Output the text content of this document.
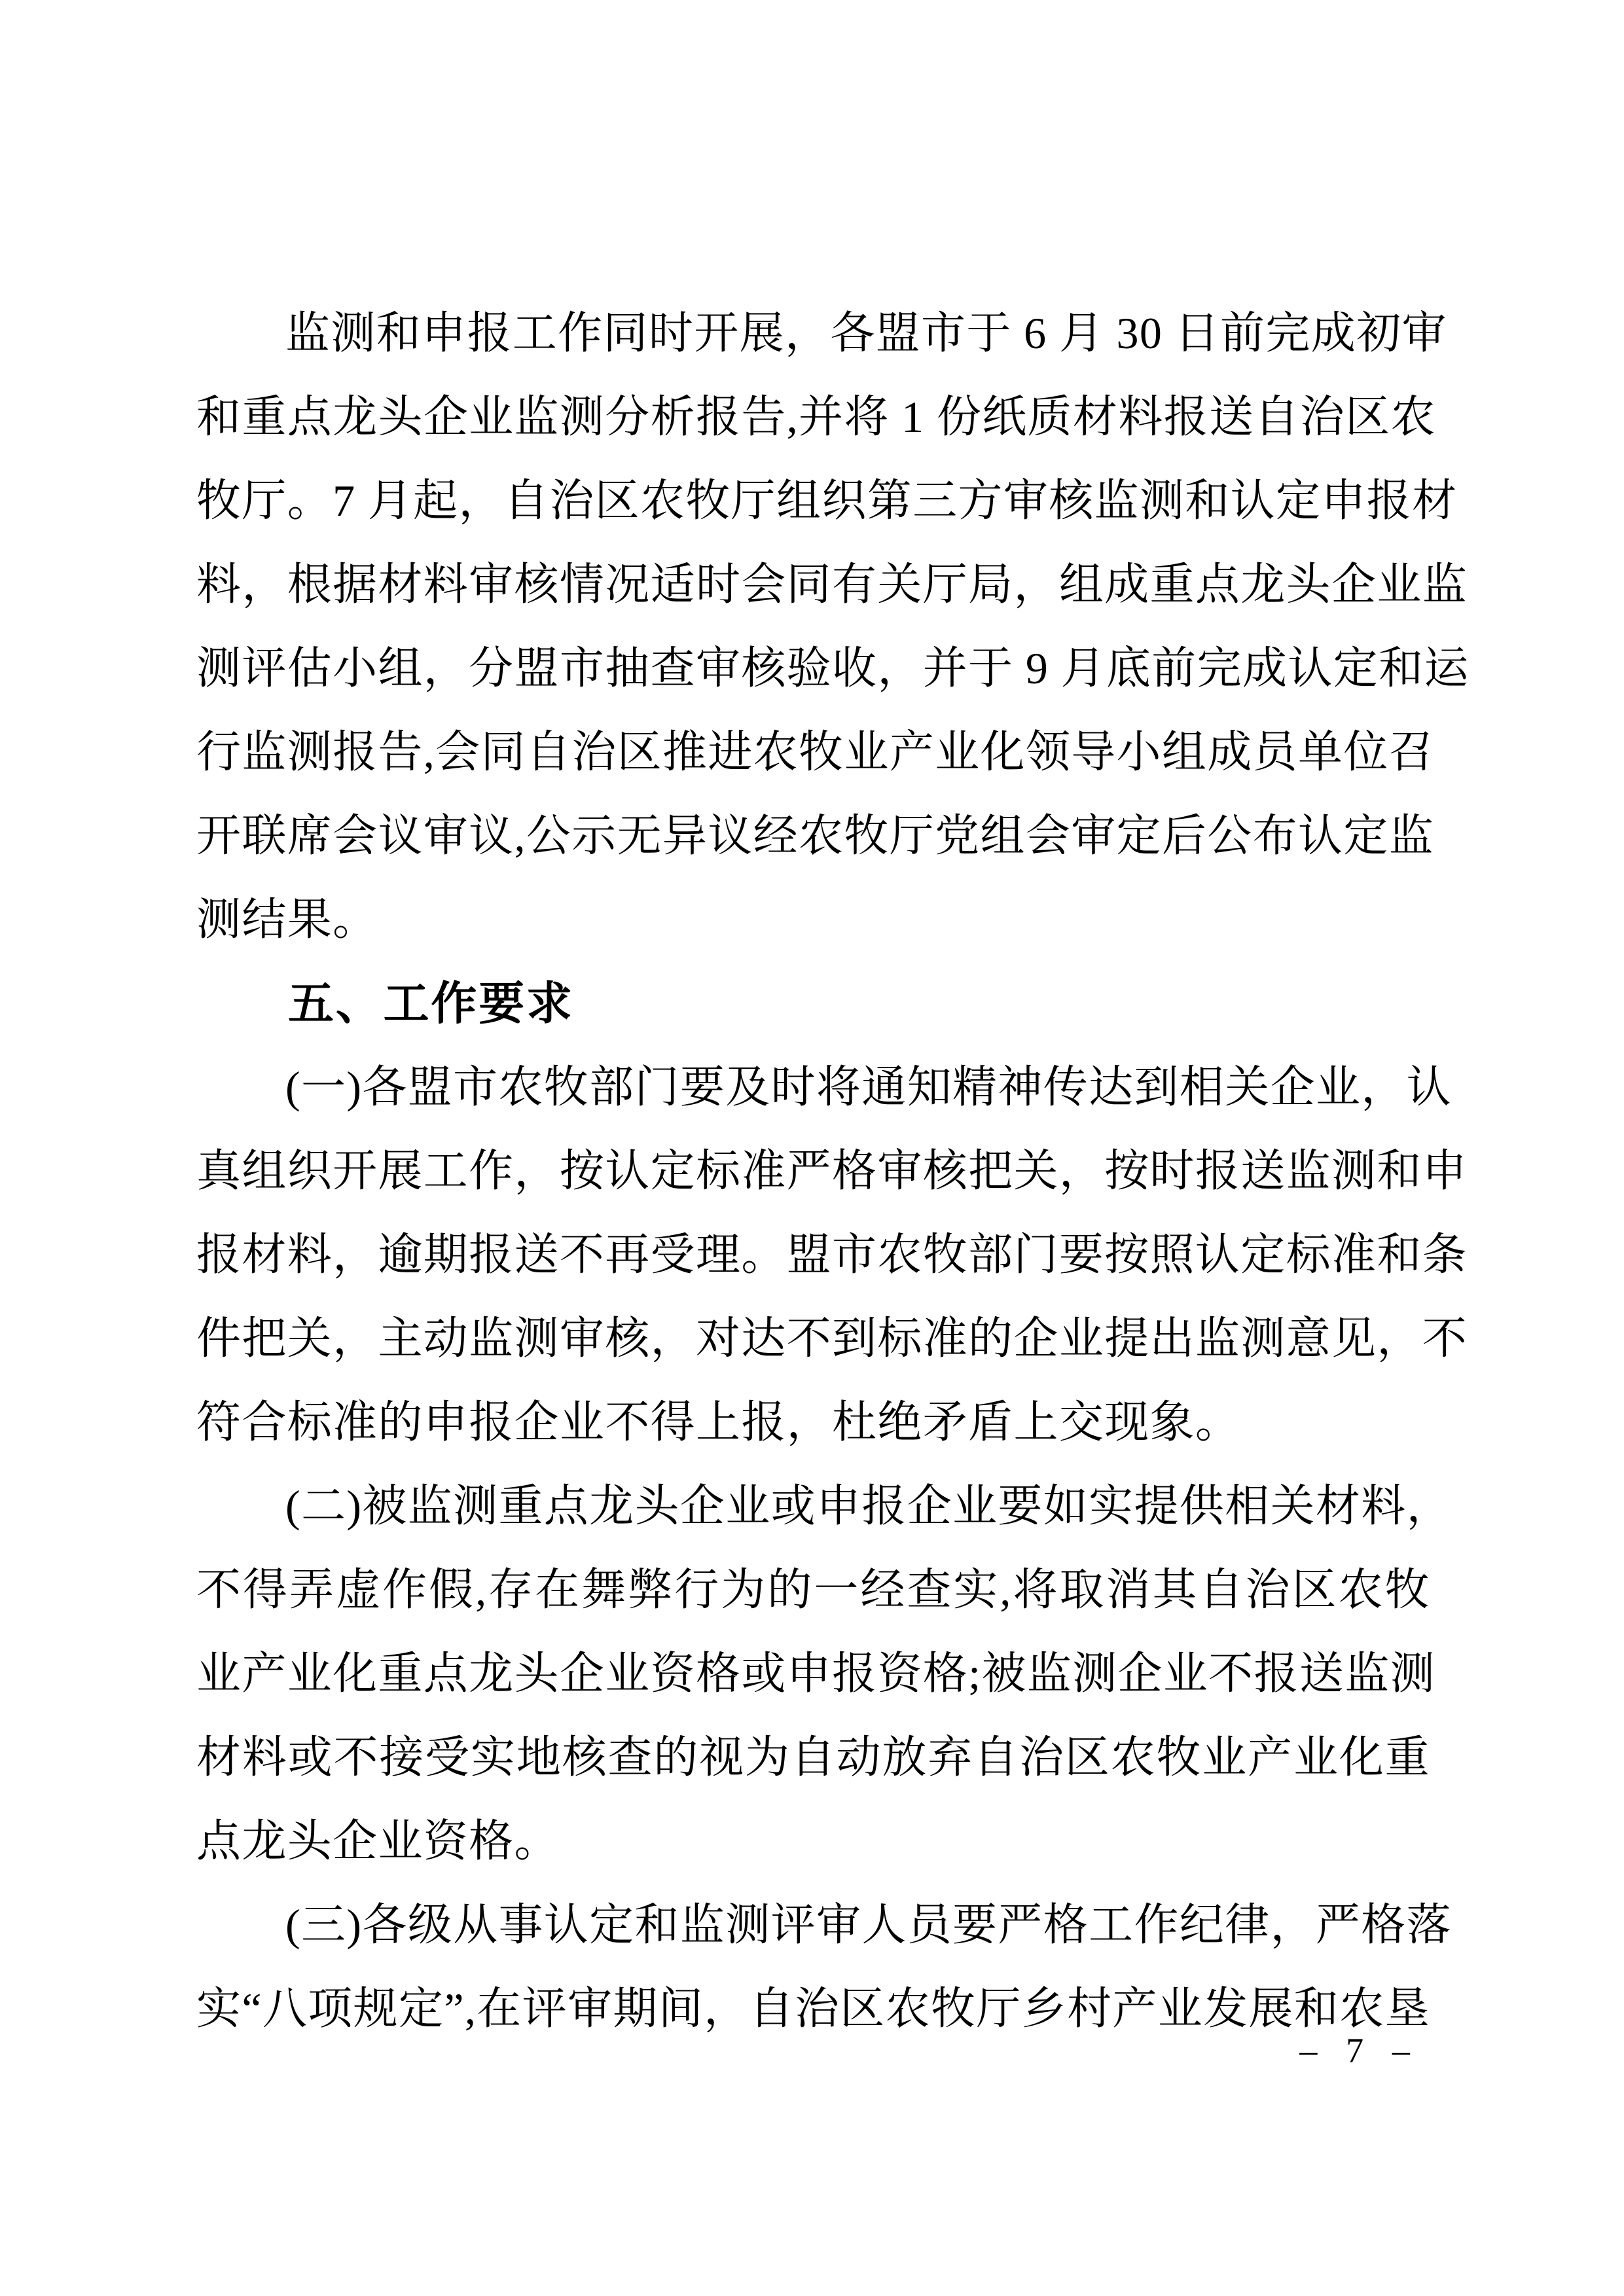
监测和申报工作同时开展，各盟市于 6 月 30 日前完成初审

和重点龙头企业监测分析报告,并将 1 份纸质材料报送自治区农

牧厅。7 月起，自治区农牧厅组织第三方审核监测和认定申报材

料，根据材料审核情况适时会同有关厅局，组成重点龙头企业监

测评估小组，分盟市抽查审核验收，并于 9 月底前完成认定和运

行监测报告,会同自治区推进农牧业产业化领导小组成员单位召

开联席会议审议,公示无异议经农牧厅党组会审定后公布认定监

测结果。

五、工作要求

(一)各盟市农牧部门要及时将通知精神传达到相关企业，认

真组织开展工作，按认定标准严格审核把关，按时报送监测和申

报材料，逾期报送不再受理。盟市农牧部门要按照认定标准和条

件把关，主动监测审核，对达不到标准的企业提出监测意见，不

符合标准的申报企业不得上报，杜绝矛盾上交现象。

(二)被监测重点龙头企业或申报企业要如实提供相关材料，

不得弄虚作假,存在舞弊行为的一经查实,将取消其自治区农牧

业产业化重点龙头企业资格或申报资格;被监测企业不报送监测

材料或不接受实地核查的视为自动放弃自治区农牧业产业化重

点龙头企业资格。

(三)各级从事认定和监测评审人员要严格工作纪律，严格落

实“八项规定”,在评审期间，自治区农牧厅乡村产业发展和农垦

– 7 –
